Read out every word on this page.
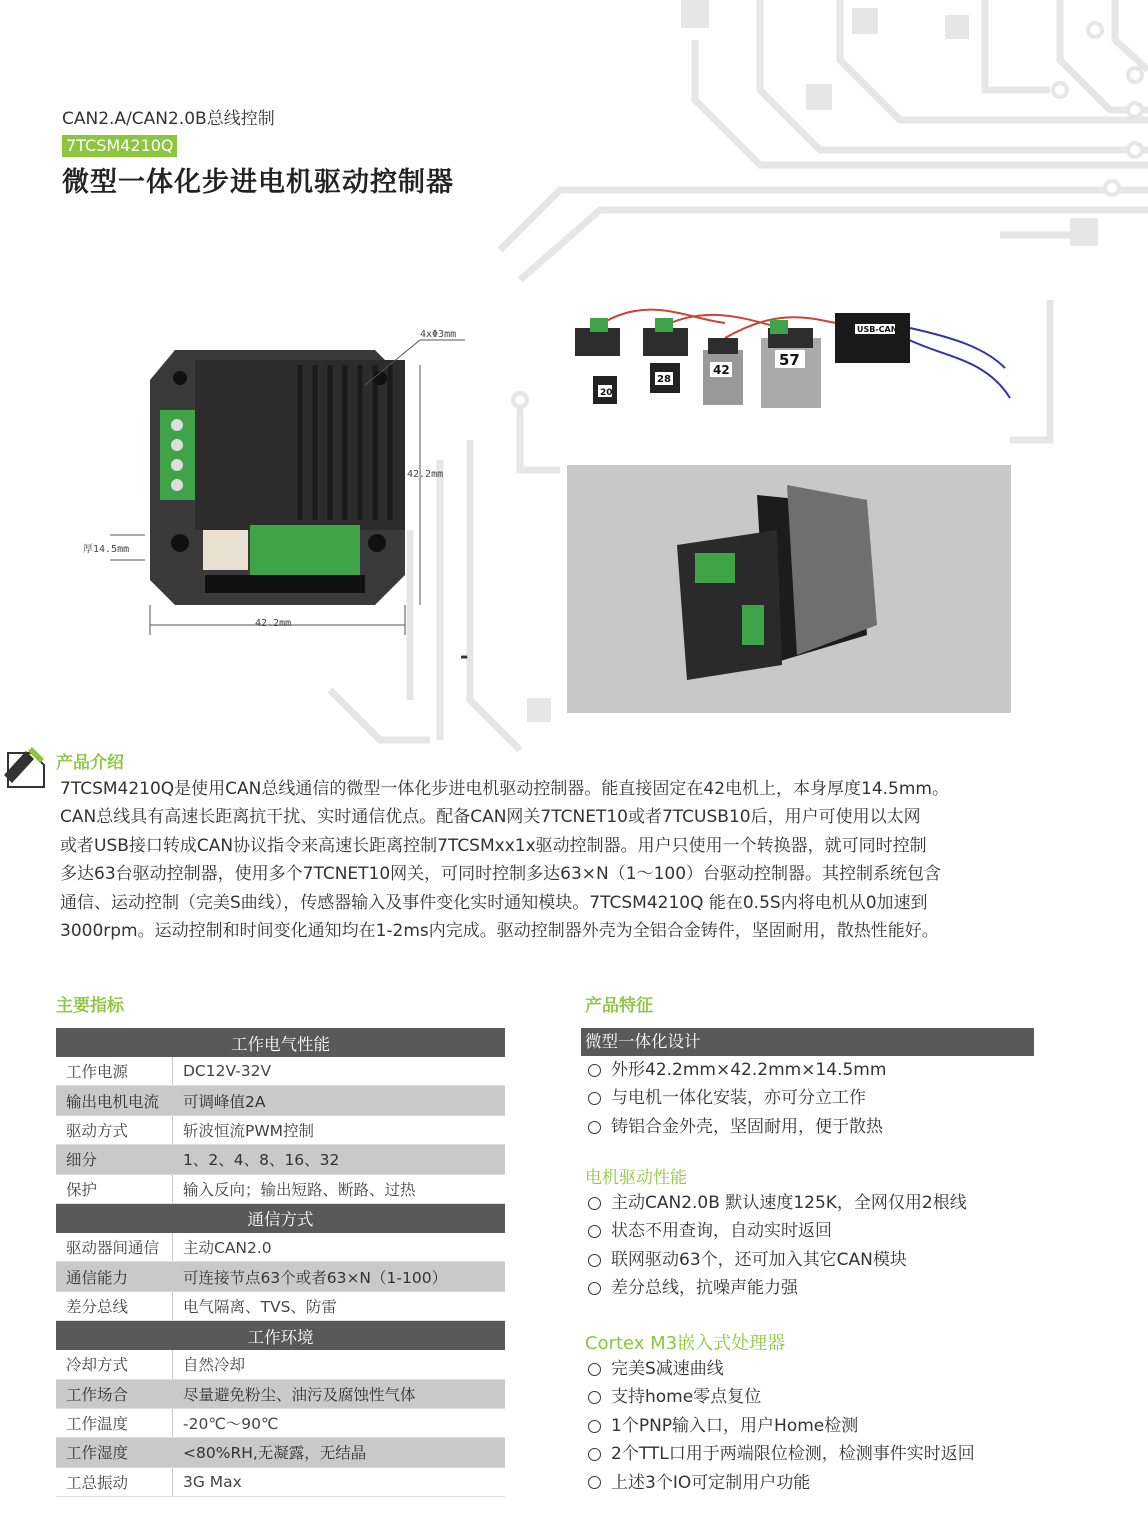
CAN2.A/CAN2.0B总线控制
7TCSM4210Q
微型一体化步进电机驱动控制器
4xΦ3mm
42.2mm
42.2mm
厚14.5mm
-
20
28
42
57
USB-CAN
产品介绍
7TCSM4210Q是使用CAN总线通信的微型一体化步进电机驱动控制器。能直接固定在42电机上，本身厚度14.5mm。
CAN总线具有高速长距离抗干扰、实时通信优点。配备CAN网关7TCNET10或者7TCUSB10后，用户可使用以太网
或者USB接口转成CAN协议指令来高速长距离控制7TCSMxx1x驱动控制器。用户只使用一个转换器，就可同时控制
多达63台驱动控制器，使用多个7TCNET10网关，可同时控制多达63×N（1～100）台驱动控制器。其控制系统包含
通信、运动控制（完美S曲线），传感器输入及事件变化实时通知模块。7TCSM4210Q 能在0.5S内将电机从0加速到
3000rpm。运动控制和时间变化通知均在1-2ms内完成。驱动控制器外壳为全铝合金铸件，坚固耐用，散热性能好。
主要指标
工作电气性能	
工作电源	DC12V-32V
输出电机电流	可调峰值2A
驱动方式	斩波恒流PWM控制
细分	1、2、4、8、16、32
保护	输入反向；输出短路、断路、过热
通信方式	
驱动器间通信	主动CAN2.0
通信能力	可连接节点63个或者63×N（1-100）
差分总线	电气隔离、TVS、防雷
工作环境	
冷却方式	自然冷却
工作场合	尽量避免粉尘、油污及腐蚀性气体
工作温度	-20℃～90℃
工作湿度	<80%RH,无凝露，无结晶
工总振动	3G Max
产品特征
微型一体化设计
外形42.2mm×42.2mm×14.5mm
与电机一体化安装，亦可分立工作
铸铝合金外壳，坚固耐用，便于散热
电机驱动性能
主动CAN2.0B 默认速度125K，全网仅用2根线
状态不用查询，自动实时返回
联网驱动63个，还可加入其它CAN模块
差分总线，抗噪声能力强
Cortex M3嵌入式处理器
完美S减速曲线
支持home零点复位
1个PNP输入口，用户Home检测
2个TTL口用于两端限位检测，检测事件实时返回
上述3个IO可定制用户功能
